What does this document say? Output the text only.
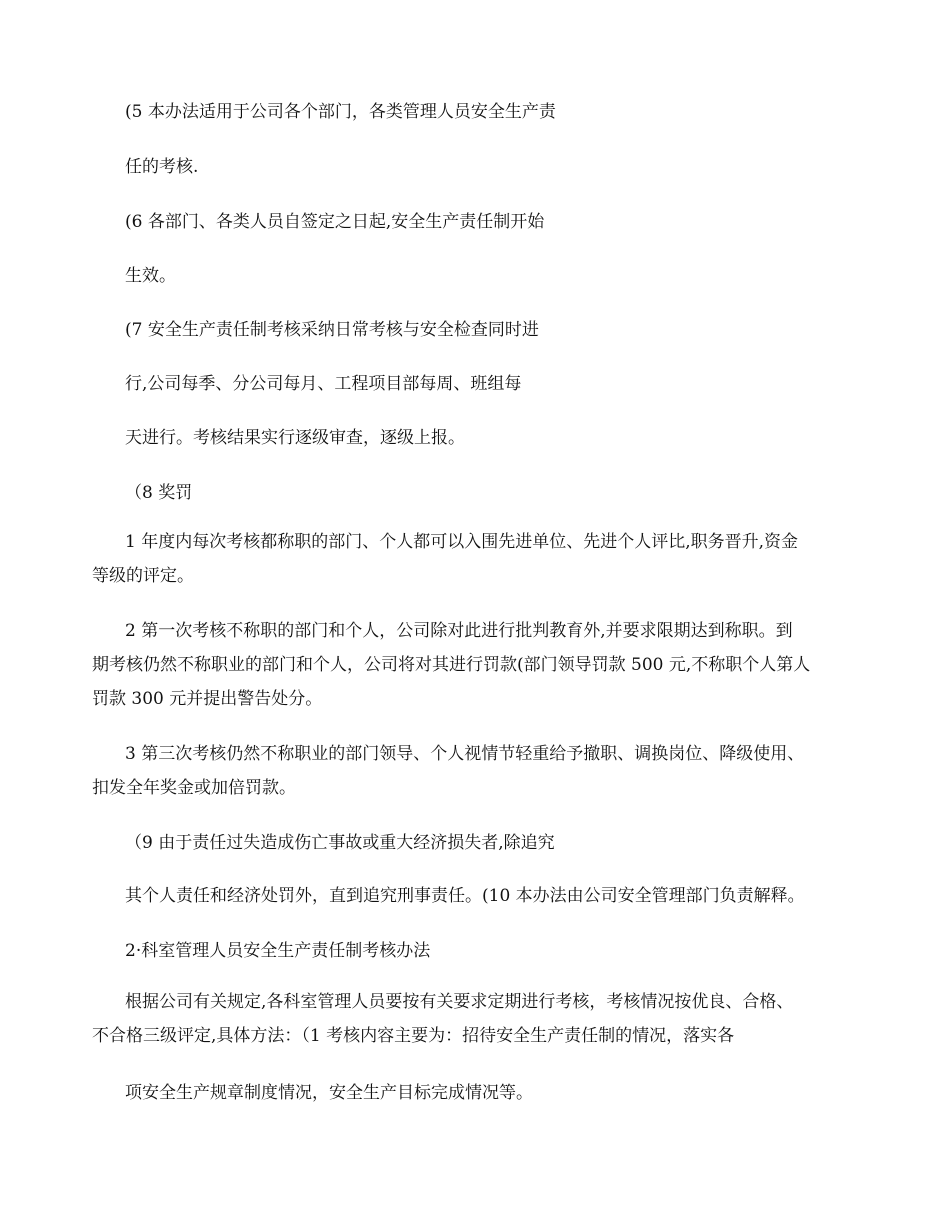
(5 本办法适用于公司各个部门，各类管理人员安全生产责
任的考核.
(6 各部门、各类人员自签定之日起,安全生产责任制开始
生效。
(7 安全生产责任制考核采纳日常考核与安全检查同时进
行,公司每季、分公司每月、工程项目部每周、班组每
天进行。考核结果实行逐级审查，逐级上报。
（8 奖罚
1 年度内每次考核都称职的部门、个人都可以入围先进单位、先进个人评比,职务晋升,资金
等级的评定。
2 第一次考核不称职的部门和个人，公司除对此进行批判教育外,并要求限期达到称职。到
期考核仍然不称职业的部门和个人，公司将对其进行罚款(部门领导罚款 500 元,不称职个人第人
罚款 300 元并提出警告处分。
3 第三次考核仍然不称职业的部门领导、个人视情节轻重给予撤职、调换岗位、降级使用、
扣发全年奖金或加倍罚款。
（9 由于责任过失造成伤亡事故或重大经济损失者,除追究
其个人责任和经济处罚外，直到追究刑事责任。(10 本办法由公司安全管理部门负责解释。
2·科室管理人员安全生产责任制考核办法
根据公司有关规定,各科室管理人员要按有关要求定期进行考核，考核情况按优良、合格、
不合格三级评定,具体方法：（1 考核内容主要为：招待安全生产责任制的情况，落实各
项安全生产规章制度情况，安全生产目标完成情况等。
